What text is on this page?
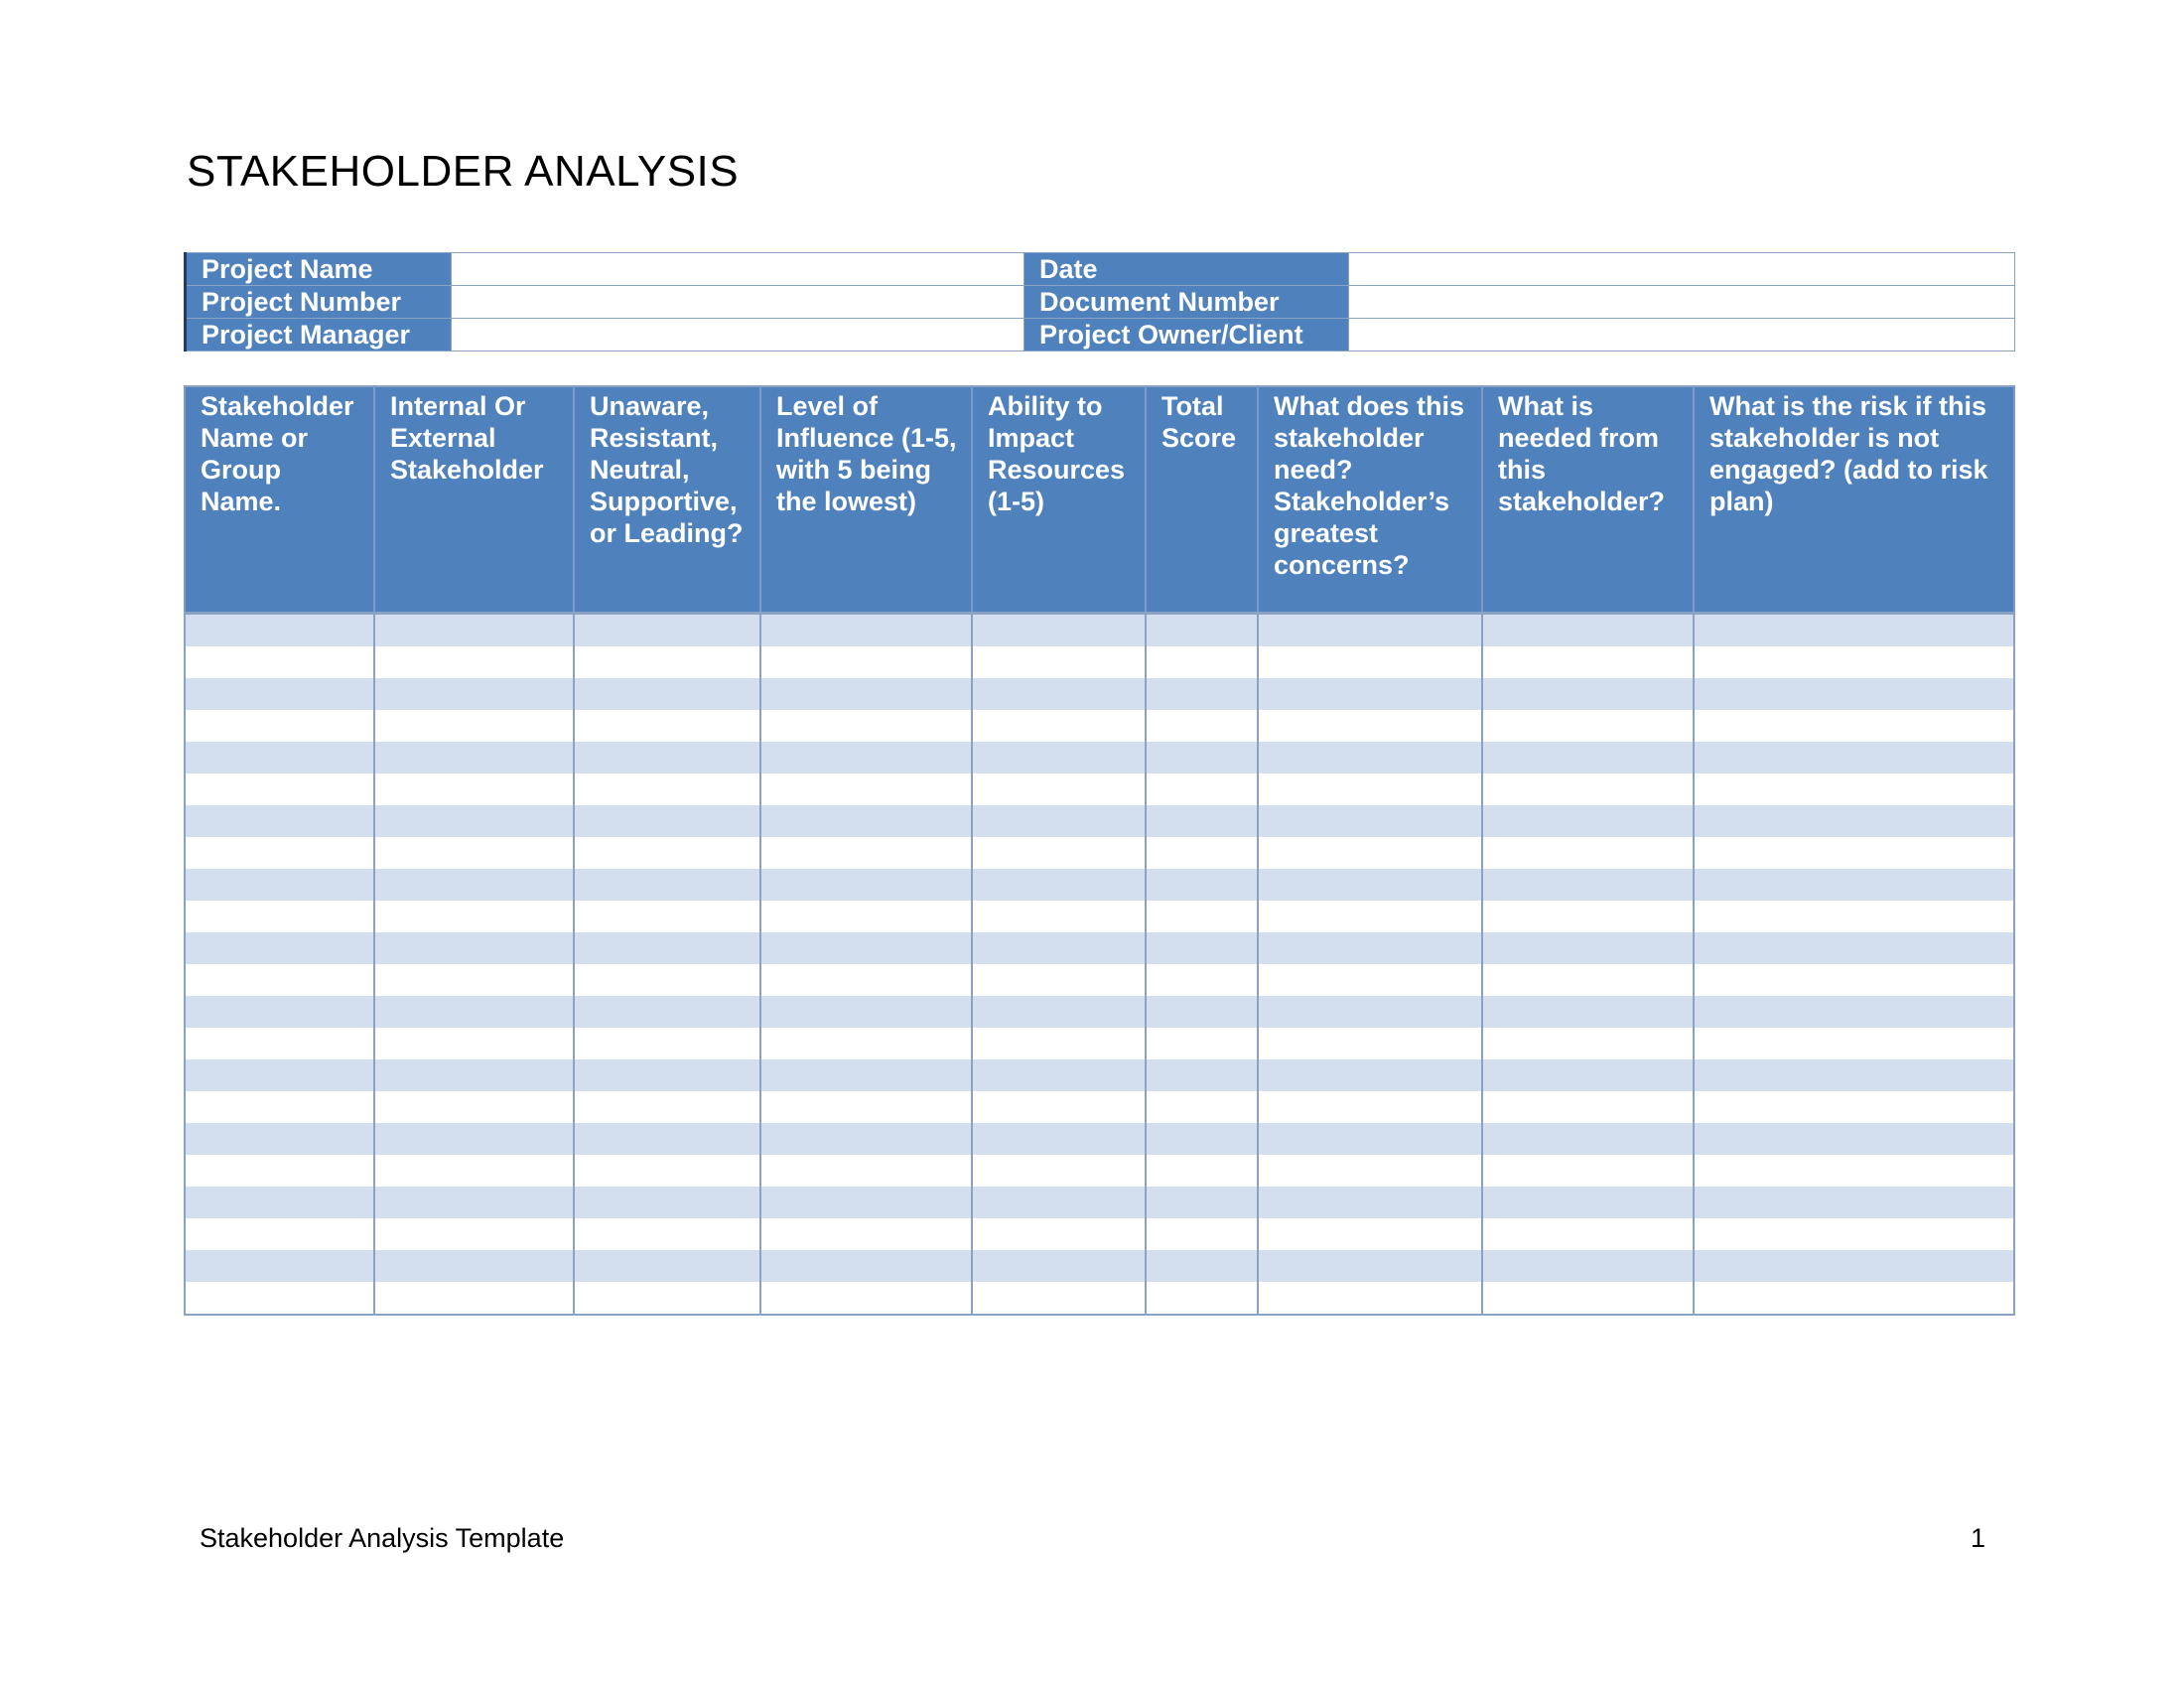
STAKEHOLDER ANALYSIS
Project Name		Date	
Project Number		Document Number	
Project Manager		Project Owner/Client	
Stakeholder Name or Group Name.	Internal Or External Stakeholder	Unaware, Resistant, Neutral, Supportive, or Leading?	Level of Influence (1-5, with 5 being the lowest)	Ability to Impact Resources (1-5)	Total Score	What does this stakeholder need? Stakeholder’s greatest concerns?	What is needed from this stakeholder?	What is the risk if this stakeholder is not engaged? (add to risk plan)

Stakeholder Analysis Template	1
